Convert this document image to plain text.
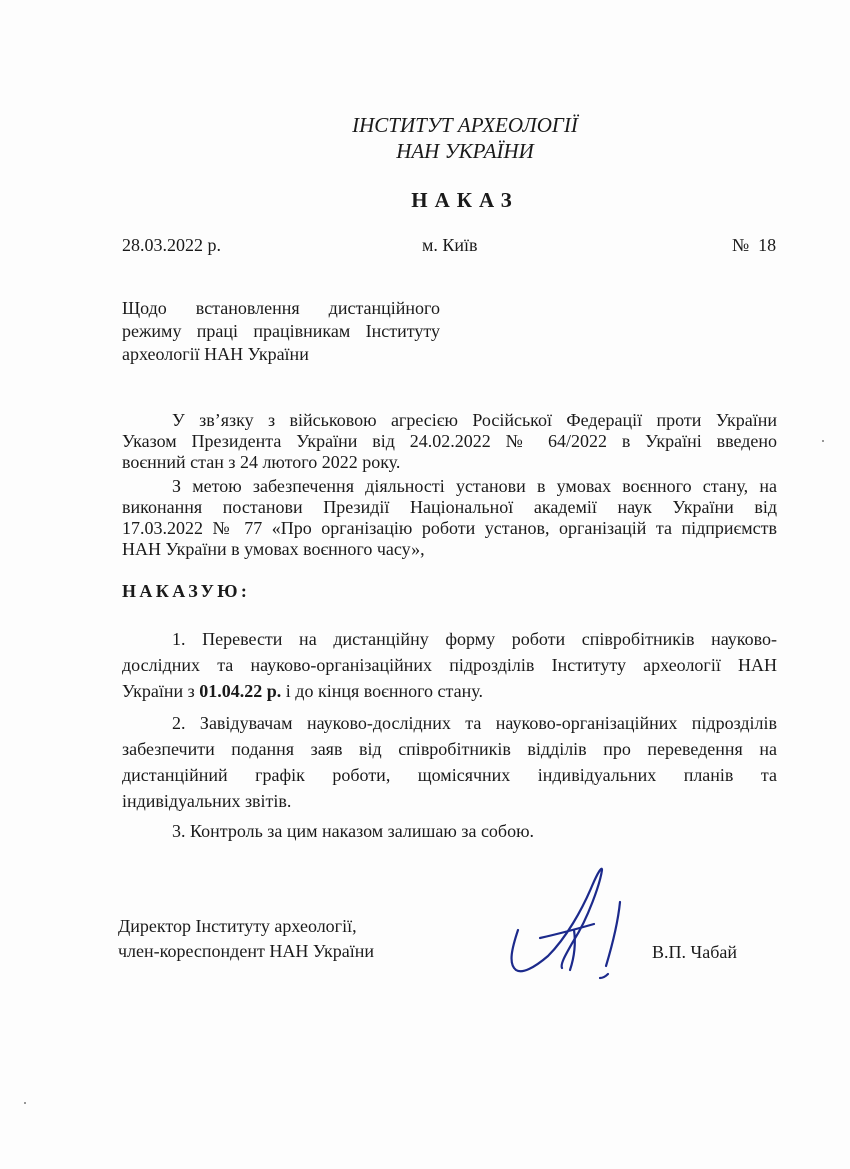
ІНСТИТУТ АРХЕОЛОГІЇ
НАН УКРАЇНИ
НАКАЗ
28.03.2022 р.	м. Київ	№  18
Щодо встановлення дистанційного
режиму праці працівникам Інституту
археології НАН України
У зв’язку з військовою агресією Російської Федерації проти України
Указом Президента України від 24.02.2022 № 64/2022 в Україні введено
воєнний стан з 24 лютого 2022 року.
З метою забезпечення діяльності установи в умовах воєнного стану, на
виконання постанови Президії Національної академії наук України від
17.03.2022 № 77 «Про організацію роботи установ, організацій та підприємств
НАН України в умовах воєнного часу»,
НАКАЗУЮ:
1. Перевести на дистанційну форму роботи співробітників науково-
дослідних та науково-організаційних підрозділів Інституту археології НАН
України з 01.04.22 р. і до кінця воєнного стану.
2. Завідувачам науково-дослідних та науково-організаційних підрозділів
забезпечити подання заяв від співробітників відділів про переведення на
дистанційний графік роботи, щомісячних індивідуальних планів та
індивідуальних звітів.
3. Контроль за цим наказом залишаю за собою.
Директор Інституту археології,
член-кореспондент НАН України	В.П. Чабай
